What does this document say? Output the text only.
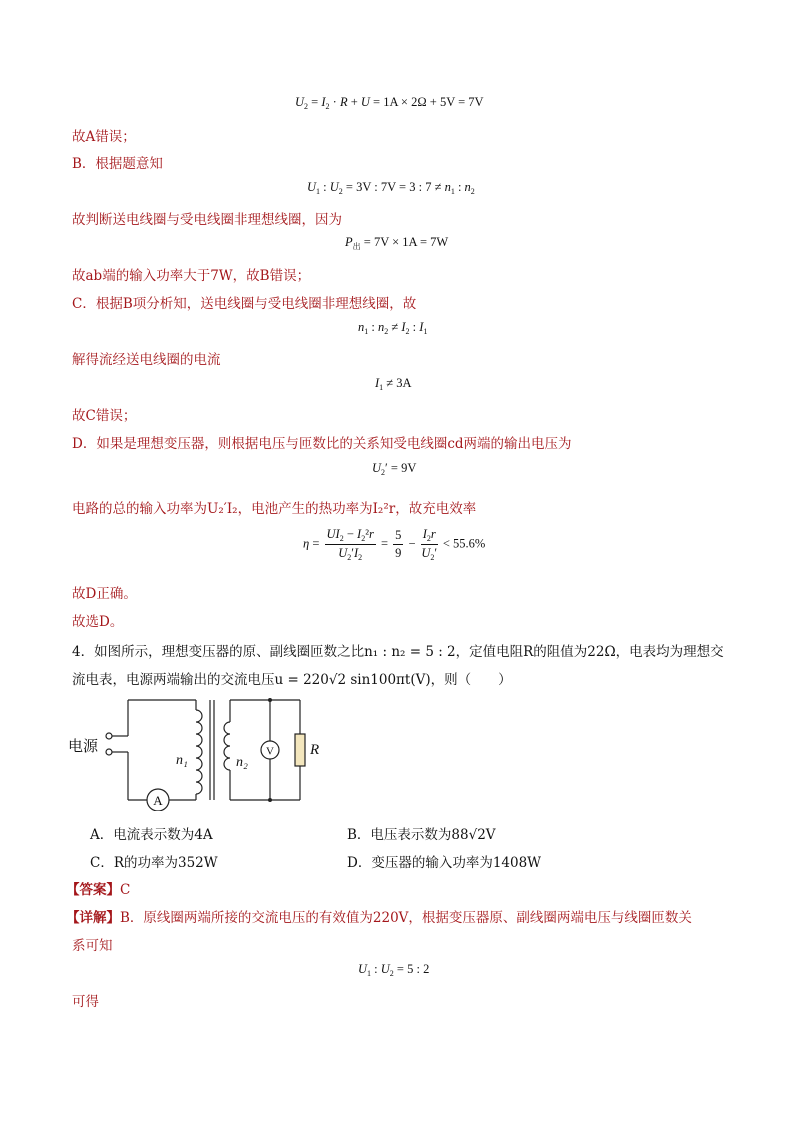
$U_2 = I_2 \cdot R + U = 1A \times 2\Omega + 5V = 7V$
故A错误；
B．根据题意知
$U_1$ : $U_2 = 3V$ : 7V = 3 : $7 \ne n_1$ : $n_2$
故判断送电线圈与受电线圈非理想线圈，因为
$P_出 = 7V \times 1A = 7W$
故ab端的输入功率大于7W，故B错误；
C．根据B项分析知，送电线圈与受电线圈非理想线圈，故
$n_1$ : $n_2 \ne I_2$ : $I_1$
解得流经送电线圈的电流
$I_1 \ne 3A$
故C错误；
D．如果是理想变压器，则根据电压与匝数比的关系知受电线圈cd两端的输出电压为
$U_2' = 9V$
电路的总的输入功率为U₂′I₂，电池产生的热功率为I₂²r，故充电效率
$\eta = \frac{UI_2 - I_2^2r}{U_2'I_2} = \frac{5}{9} - \frac{I_2r}{U_2'} < 55.6\%$
故D正确。
故选D。
4．如图所示，理想变压器的原、副线圈匝数之比n₁ : n₂ = 5 : 2，定值电阻R的阻值为22Ω，电表均为理想交
流电表，电源两端输出的交流电压u = 220√2 sin100πt(V)，则（　　）
A
V R
电源
n₁	n₂
A．电流表示数为4A	B．电压表示数为88√2V
C．R的功率为352W	D．变压器的输入功率为1408W
【答案】C
【详解】B．原线圈两端所接的交流电压的有效值为220V，根据变压器原、副线圈两端电压与线圈匝数关
系可知
$U_1$ : $U_2 = 5$ : 2
可得
